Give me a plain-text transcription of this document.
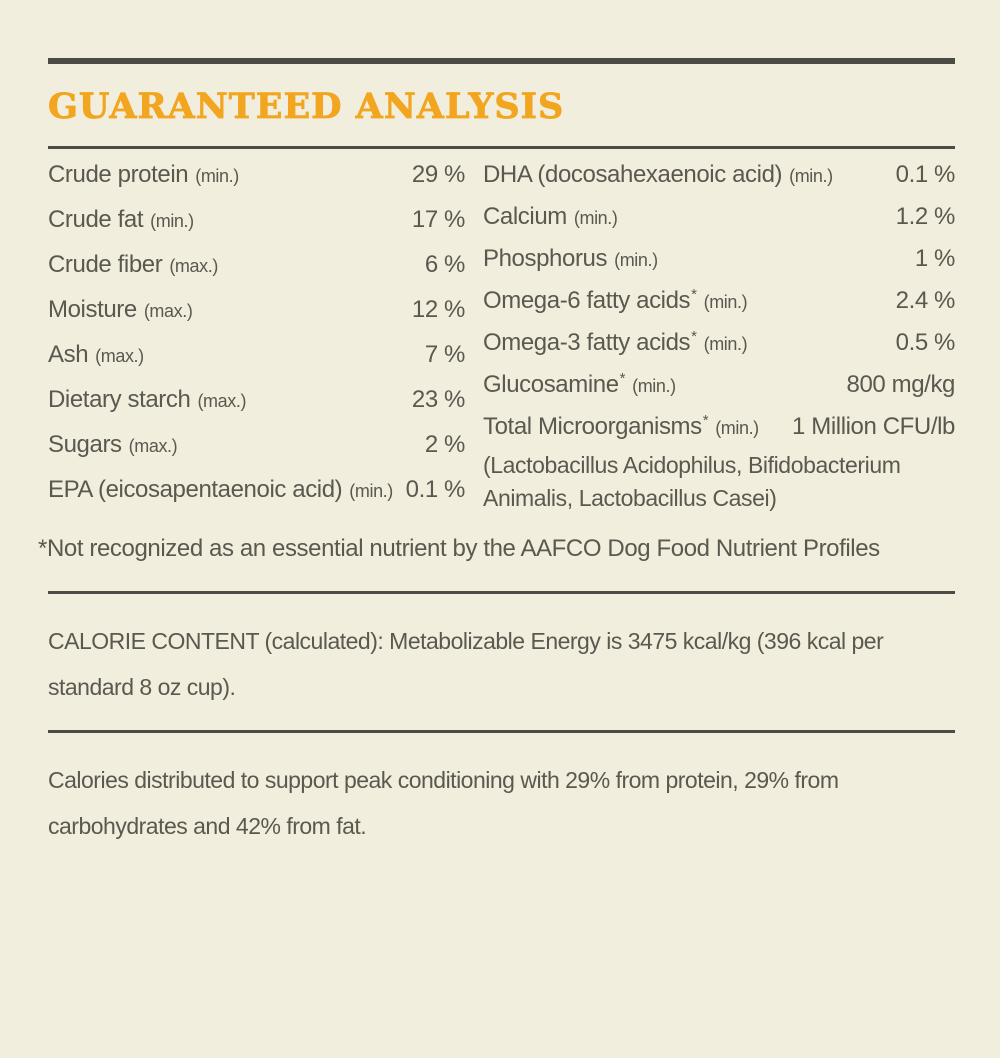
GUARANTEED ANALYSIS
Crude protein (min.)	29 %
Crude fat (min.)	17 %
Crude fiber (max.)	6 %
Moisture (max.)	12 %
Ash (max.)	7 %
Dietary starch (max.)	23 %
Sugars (max.)	2 %
EPA (eicosapentaenoic acid) (min.) 0.1 %
DHA (docosahexaenoic acid) (min.)	0.1 %
Calcium (min.)	1.2 %
Phosphorus (min.)	1 %
Omega-6 fatty acids * (min.)	2.4 %
Omega-3 fatty acids * (min.)	0.5 %
Glucosamine * (min.)	800 mg/kg
Total Microorganisms * (min.)	1 Million CFU/lb
(Lactobacillus Acidophilus, Bifidobacterium
Animalis, Lactobacillus Casei)
*Not recognized as an essential nutrient by the AAFCO Dog Food Nutrient Profiles

CALORIE CONTENT (calculated): Metabolizable Energy is 3475 kcal/kg (396 kcal per standard 8 oz cup).

Calories distributed to support peak conditioning with 29% from protein, 29% from carbohydrates and 42% from fat.
